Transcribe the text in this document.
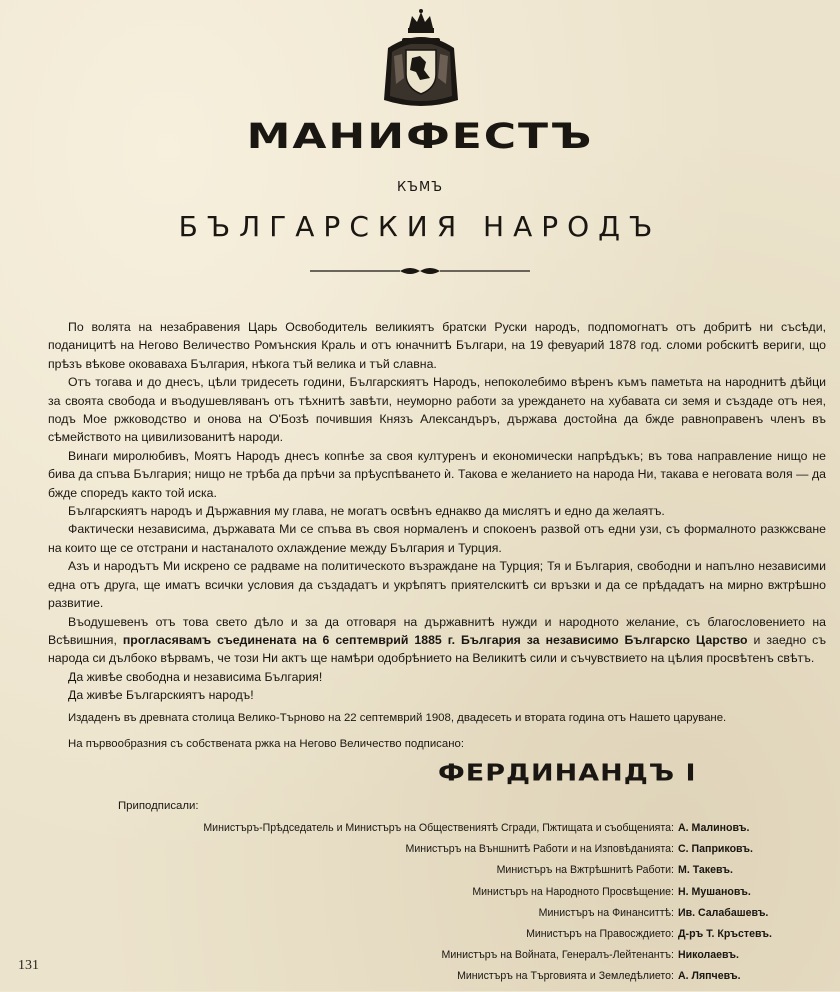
МАНИФЕСТЪ
КЪМЪ
БЪЛГАРСКИЯ НАРОДЪ

По волята на незабравения Царь Освободитель великиятъ братски Руски народъ, подпомогнатъ отъ добритѣ ни съсѣди, поданицитѣ на Негово Величество Ромънския Краль и отъ юначнитѣ Българи, на 19 февуарий 1878 год. сломи робскитѣ вериги, що прѣзъ вѣкове оковаваха България, нѣкога тъй велика и тъй славна.

Отъ тогава и до днесъ, цѣли тридесеть години, Българскиятъ Народъ, непоколебимо вѣренъ къмъ паметьта на народнитѣ дѣйци за своята свобода и въодушевляванъ отъ тѣхнитѣ завѣти, неуморно работи за уреждането на хубавата си земя и създаде отъ нея, подъ Мое ржководство и онова на О'Бозѣ почившия Князъ Александъръ, държава достойна да бжде равноправенъ членъ въ сѣмейството на цивилизованитѣ народи.

Винаги миролюбивъ, Моятъ Народъ днесъ копнѣе за своя културенъ и економически напрѣдъкъ; въ това направление нищо не бива да спъва България; нищо не трѣба да прѣчи за прѣуспѣването ѝ. Такова е желанието на народа Ни, такава е неговата воля — да бжде споредъ както той иска.

Българскиятъ народъ и Държавния му глава, не могатъ освѣнъ еднакво да мислятъ и едно да желаятъ.

Фактически независима, държавата Ми се спъва въ своя нормаленъ и спокоенъ развой отъ едни узи, съ формалното разкжсване на които ще се отстрани и настаналото охлаждение между България и Турция.

Азъ и народътъ Ми искрено се радваме на политическото възраждане на Турция; Тя и България, свободни и напълно независими една отъ друга, ще иматъ всички условия да създадатъ и укрѣпятъ приятелскитѣ си връзки и да се прѣдадатъ на мирно вжтрѣшно развитие.

Въодушевенъ отъ това свето дѣло и за да отговаря на държавнитѣ нужди и народното желание, съ благословението на Всѣвишния, прогласявамъ съединената на 6 септемврий 1885 г. България за независимо Българско Царство и заедно съ народа си дълбоко вѣрвамъ, че този Ни актъ ще намѣри одобрѣнието на Великитѣ сили и съчувствието на цѣлия просвѣтенъ свѣтъ.

Да живѣе свободна и независима България!

Да живѣе Българскиятъ народъ!

Издаденъ въ древната столица Велико-Търново на 22 септемврий 1908, двадесеть и втората година отъ Нашето царуване.
На първообразния съ собствената ржка на Негово Величество подписано:
ФЕРДИНАНДЪ I
Приподписали:
Министъръ-Прѣдседатель и Министъръ на Обществениятѣ Сгради, Пжтищата и съобщенията: А. Малиновъ.
Министъръ на Външнитѣ Работи и на Изповѣданията: С. Паприковъ.
Министъръ на Вжтрѣшнитѣ Работи: М. Такевъ.
Министъръ на Народното Просвѣщение: Н. Мушановъ.
Министъръ на Финанситтѣ: Ив. Салабашевъ.
Министъръ на Правосждието: Д-ръ Т. Кръстевъ.
Министъръ на Войната, Генералъ-Лейтенантъ: Николаевъ.
Министъръ на Търговията и Земледѣлието: А. Ляпчевъ.
131
